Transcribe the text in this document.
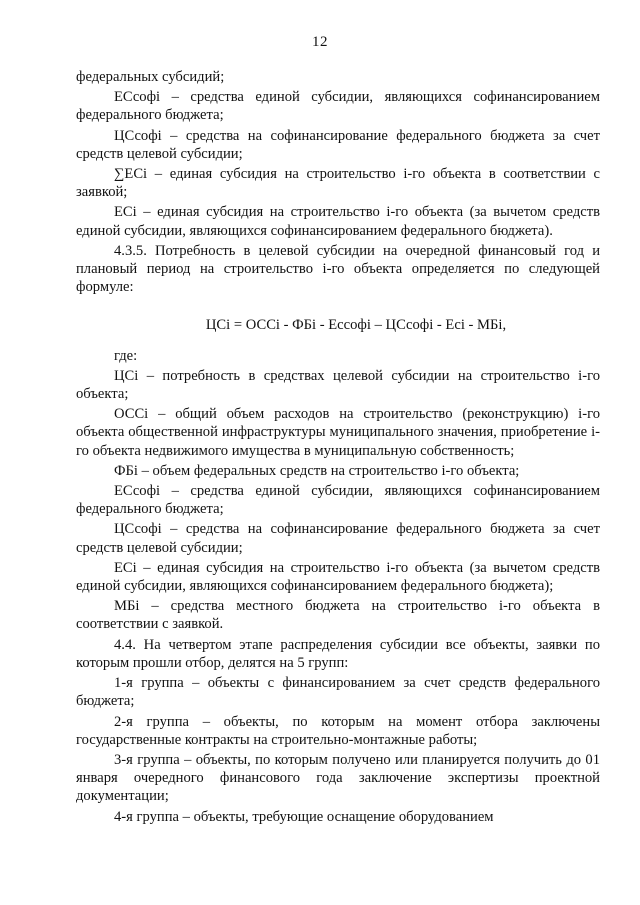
12

федеральных субсидий;

ЕСсофi – средства единой субсидии, являющихся софинансированием федерального бюджета;

ЦСсофi – средства на софинансирование федерального бюджета за счет средств целевой субсидии;

∑ЕСi – единая субсидия на строительство i-го объекта в соответствии с заявкой;

ЕСi – единая субсидия на строительство i-го объекта (за вычетом средств единой субсидии, являющихся софинансированием федерального бюджета).

4.3.5. Потребность в целевой субсидии на очередной финансовый год и плановый период на строительство i-го объекта определяется по следующей формуле:

ЦСi = ОССi - ФБi - Ессофi – ЦСсофi - Есi - МБi,

где:

ЦСi – потребность в средствах целевой субсидии на строительство i-го объекта;

ОССi – общий объем расходов на строительство (реконструкцию) i-го объекта общественной инфраструктуры муниципального значения, приобретение i-го объекта недвижимого имущества в муниципальную собственность;

ФБi – объем федеральных средств на строительство i-го объекта;

ЕСсофi – средства единой субсидии, являющихся софинансированием федерального бюджета;

ЦСсофi – средства на софинансирование федерального бюджета за счет средств целевой субсидии;

ЕСi – единая субсидия на строительство i-го объекта (за вычетом средств единой субсидии, являющихся софинансированием федерального бюджета);

МБi – средства местного бюджета на строительство i-го объекта в соответствии с заявкой.

4.4. На четвертом этапе распределения субсидии все объекты, заявки по которым прошли отбор, делятся на 5 групп:

1-я группа – объекты с финансированием за счет средств федерального бюджета;

2-я группа – объекты, по которым на момент отбора заключены государственные контракты на строительно-монтажные работы;

3-я группа – объекты, по которым получено или планируется получить до 01 января очередного финансового года заключение экспертизы проектной документации;

4-я группа – объекты, требующие оснащение оборудованием
